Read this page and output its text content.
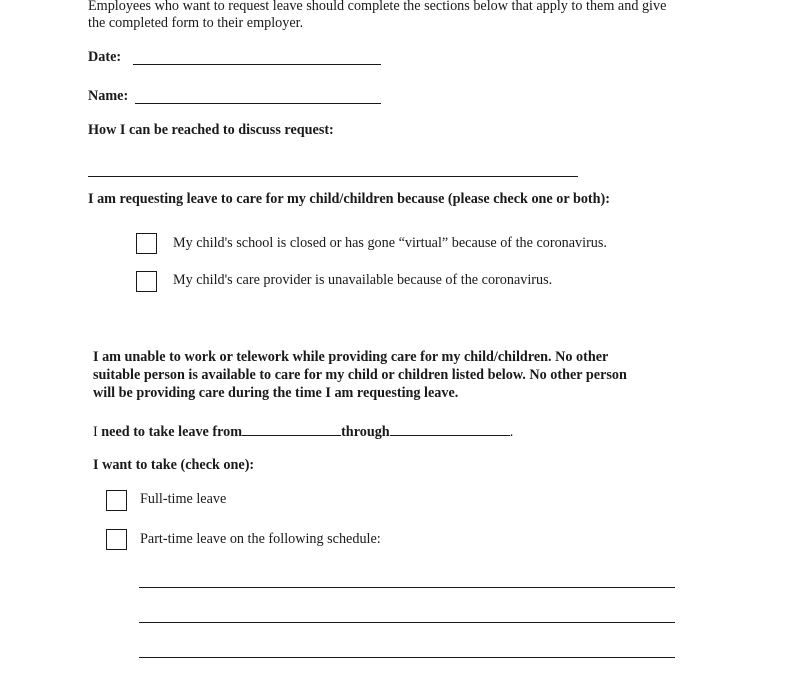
Employees who want to request leave should complete the sections below that apply to them and give
the completed form to their employer.
Date:
Name:
How I can be reached to discuss request:
I am requesting leave to care for my child/children because (please check one or both):
My child's school is closed or has gone “virtual” because of the coronavirus.
My child's care provider is unavailable because of the coronavirus.
I am unable to work or telework while providing care for my child/children. No other
suitable person is available to care for my child or children listed below. No other person
will be providing care during the time I am requesting leave.
I need to take leave from	through	.
I want to take (check one):
Full-time leave
Part-time leave on the following schedule:
